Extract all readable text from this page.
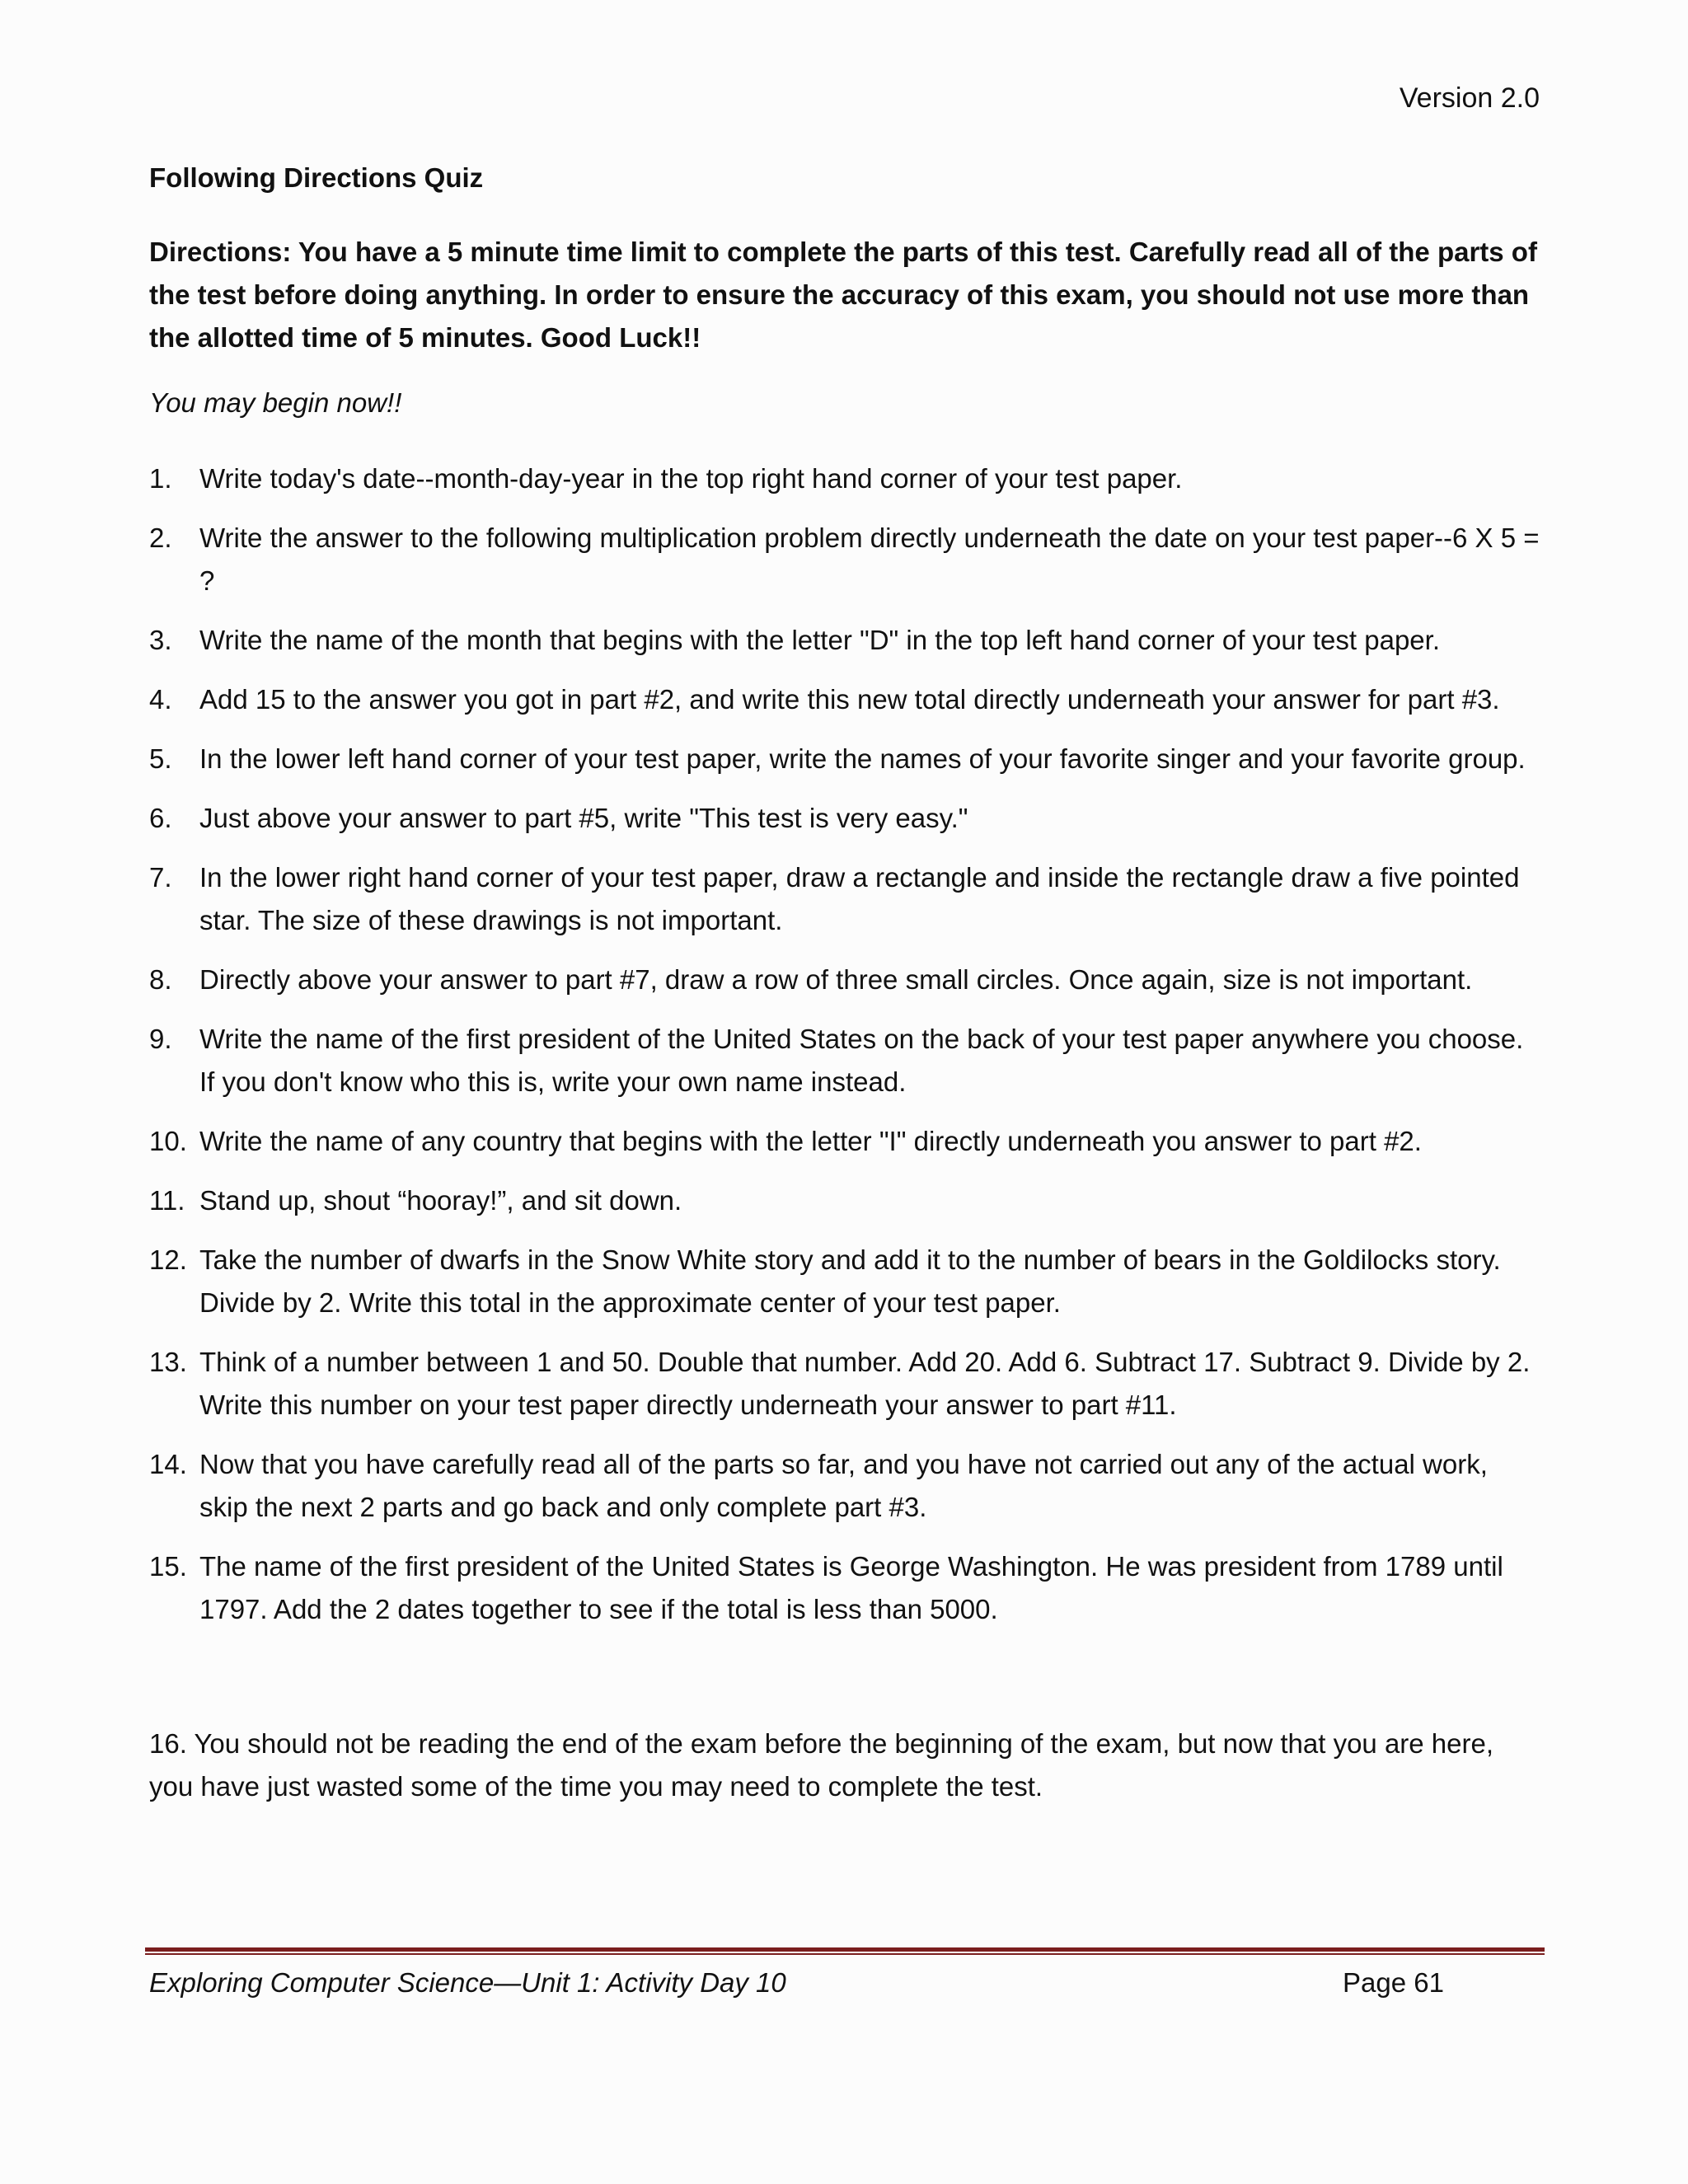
Version 2.0
Following Directions Quiz

Directions: You have a 5 minute time limit to complete the parts of this test. Carefully read all of the parts of the test before doing anything. In order to ensure the accuracy of this exam, you should not use more than the allotted time of 5 minutes. Good Luck!!

You may begin now!!
1. Write today's date--month-day-year in the top right hand corner of your test paper.
2. Write the answer to the following multiplication problem directly underneath the date on your test paper--6 X 5 = ?
3. Write the name of the month that begins with the letter "D" in the top left hand corner of your test paper.
4. Add 15 to the answer you got in part #2, and write this new total directly underneath your answer for part #3.
5. In the lower left hand corner of your test paper, write the names of your favorite singer and your favorite group.
6. Just above your answer to part #5, write "This test is very easy."
7. In the lower right hand corner of your test paper, draw a rectangle and inside the rectangle draw a five pointed star. The size of these drawings is not important.
8. Directly above your answer to part #7, draw a row of three small circles. Once again, size is not important.
9. Write the name of the first president of the United States on the back of your test paper anywhere you choose. If you don't know who this is, write your own name instead.
10. Write the name of any country that begins with the letter "I" directly underneath you answer to part #2.
11. Stand up, shout “hooray!”, and sit down.
12. Take the number of dwarfs in the Snow White story and add it to the number of bears in the Goldilocks story. Divide by 2. Write this total in the approximate center of your test paper.
13. Think of a number between 1 and 50. Double that number. Add 20. Add 6. Subtract 17. Subtract 9. Divide by 2. Write this number on your test paper directly underneath your answer to part #11.
14. Now that you have carefully read all of the parts so far, and you have not carried out any of the actual work, skip the next 2 parts and go back and only complete part #3.
15. The name of the first president of the United States is George Washington. He was president from 1789 until 1797. Add the 2 dates together to see if the total is less than 5000.

16. You should not be reading the end of the exam before the beginning of the exam, but now that you are here, you have just wasted some of the time you may need to complete the test.

Exploring Computer Science—Unit 1: Activity Day 10	Page 61
